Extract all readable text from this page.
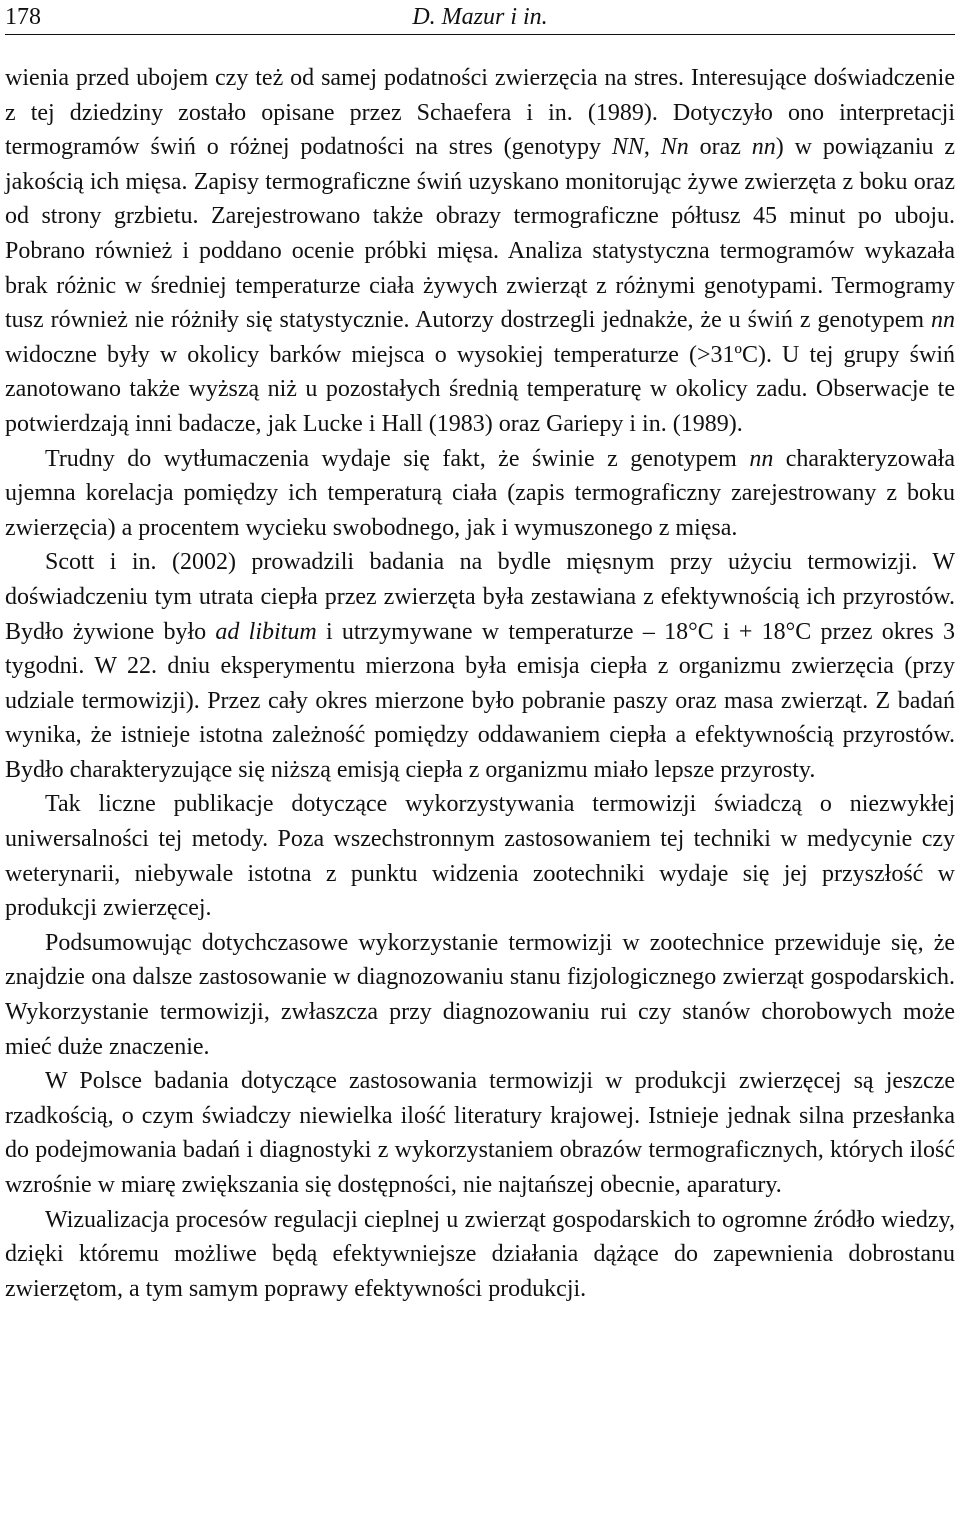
178	D. Mazur i in.

wienia przed ubojem czy też od samej podatności zwierzęcia na stres. Interesujące doświadczenie z tej dziedziny zostało opisane przez Schaefera i in. (1989). Dotyczyło ono interpretacji termogramów świń o różnej podatności na stres (genotypy NN, Nn oraz nn) w powiązaniu z jakością ich mięsa. Zapisy termograficzne świń uzyskano monitorując żywe zwierzęta z boku oraz od strony grzbietu. Zarejestrowano także obrazy termograficzne półtusz 45 minut po uboju. Pobrano również i poddano ocenie próbki mięsa. Analiza statystyczna termogramów wykazała brak różnic w średniej temperaturze ciała żywych zwierząt z różnymi genotypami. Termogramy tusz również nie różniły się statystycznie. Autorzy dostrzegli jednakże, że u świń z genotypem nn widoczne były w okolicy barków miejsca o wysokiej temperaturze (>31ºC). U tej grupy świń zanotowano także wyższą niż u pozostałych średnią temperaturę w okolicy zadu. Obserwacje te potwierdzają inni badacze, jak Lucke i Hall (1983) oraz Gariepy i in. (1989).

Trudny do wytłumaczenia wydaje się fakt, że świnie z genotypem nn charakteryzowała ujemna korelacja pomiędzy ich temperaturą ciała (zapis termograficzny zarejestrowany z boku zwierzęcia) a procentem wycieku swobodnego, jak i wymuszonego z mięsa.

Scott i in. (2002) prowadzili badania na bydle mięsnym przy użyciu termowizji. W doświadczeniu tym utrata ciepła przez zwierzęta była zestawiana z efektywnością ich przyrostów. Bydło żywione było ad libitum i utrzymywane w temperaturze – 18°C i + 18°C przez okres 3 tygodni. W 22. dniu eksperymentu mierzona była emisja ciepła z organizmu zwierzęcia (przy udziale termowizji). Przez cały okres mierzone było pobranie paszy oraz masa zwierząt. Z badań wynika, że istnieje istotna zależność pomiędzy oddawaniem ciepła a efektywnością przyrostów. Bydło charakteryzujące się niższą emisją ciepła z organizmu miało lepsze przyrosty.

Tak liczne publikacje dotyczące wykorzystywania termowizji świadczą o niezwykłej uniwersalności tej metody. Poza wszechstronnym zastosowaniem tej techniki w medycynie czy weterynarii, niebywale istotna z punktu widzenia zootechniki wydaje się jej przyszłość w produkcji zwierzęcej.

Podsumowując dotychczasowe wykorzystanie termowizji w zootechnice przewiduje się, że znajdzie ona dalsze zastosowanie w diagnozowaniu stanu fizjologicznego zwierząt gospodarskich. Wykorzystanie termowizji, zwłaszcza przy diagnozowaniu rui czy stanów chorobowych może mieć duże znaczenie.

W Polsce badania dotyczące zastosowania termowizji w produkcji zwierzęcej są jeszcze rzadkością, o czym świadczy niewielka ilość literatury krajowej. Istnieje jednak silna przesłanka do podejmowania badań i diagnostyki z wykorzystaniem obrazów termograficznych, których ilość wzrośnie w miarę zwiększania się dostępności, nie najtańszej obecnie, aparatury.

Wizualizacja procesów regulacji cieplnej u zwierząt gospodarskich to ogromne źródło wiedzy, dzięki któremu możliwe będą efektywniejsze działania dążące do zapewnienia dobrostanu zwierzętom, a tym samym poprawy efektywności produkcji.
